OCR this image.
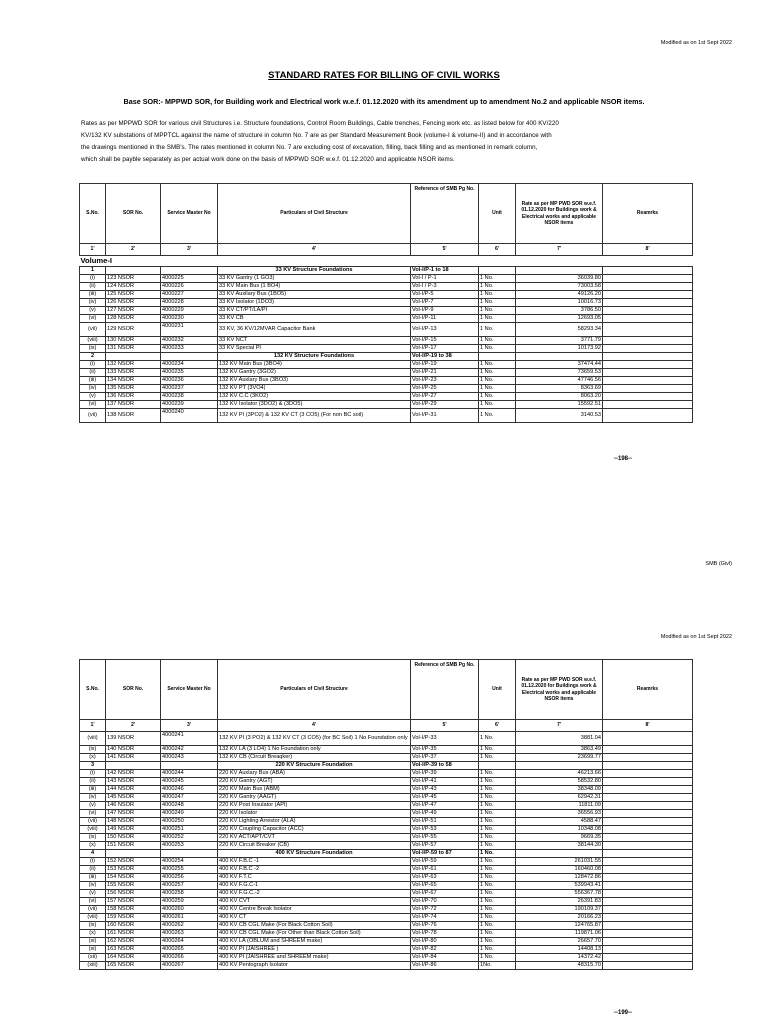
Modified as on 1st Sept 2022
STANDARD RATES FOR BILLING OF CIVIL WORKS
Base SOR:- MPPWD SOR, for Building work and Electrical work w.e.f. 01.12.2020 with its amendment up to amendment No.2 and applicable NSOR items.
Rates as per MPPWD SOR for various civil Structures i.e. Structure foundations, Control Room Buildings, Cable trenches, Fencing work etc. as listed below for 400 KV/220
KV/132 KV substations of MPPTCL against the name of structure in column No. 7 are as per Standard Measurement Book (volume-I & volume-II) and in accordance with
the drawings mentioned in the SMB's. The rates mentioned in column No. 7 are excluding cost of excavation, filling, back filling and as mentioned in remark column,
which shall be payble separately as per actual work done on the basis of MPPWD SOR w.e.f. 01.12.2020 and applicable NSOR items.
S.No.	SOR No.	Service Master No	Particulars of Civil Structure	Reference of SMB Pg No.	Unit	Rate as per MP PWD SOR w.e.f. 01.12.2020 for Buildings work & Electrical works and applicable NSOR items	Reamrks
1'	2'	3'	4'	5'	6'	7'	8'
Volume-I							
1			33 KV Structure Foundations	Vol-I/P-1 to 18			
(i)	123 NSOR	4000225	33 KV Gantry (1 GO3)	Vol-I / P-1	1 No.	36039.80	
(ii)	124 NSOR	4000226	33 KV Main Bus (1 BO4)	Vol-I / P-3	1 No.	73003.58	
(iii)	125 NSOR	4000227	33 KV Auxilary Bus (1BO5)	Vol-I/P-5	1 No.	49126.20	
(iv)	126 NSOR	4000228	33 KV Isolator (1DO3)	Vol-I/P-7	1 No.	10016.73	
(v)	127 NSOR	4000229	33 KV CT/PT/LA/PI	Vol-I/P-9	1 No.	3786.50	
(vi)	128 NSOR	4000230	33 KV CB	Vol-I/P-11	1 No.	12693.05	
(vii)	129 NSOR	4000231	33 KV, 36 KV/12MVAR Capacitor Bank	Vol-I/P-13	1 No.	58293.34	
(viii)	130 NSOR	4000232	33 KV NCT	Vol-I/P-15	1 No.	3771.79	
(ix)	131 NSOR	4000233	33 KV Special PI	Vol-I/P-17	1 No.	10173.92	
2			132 KV Structure Foundations	Vol-I/P-19 to 38			
(i)	132 NSOR	4000234	132 KV Main Bus (3BO4)	Vol-I/P-19	1 No.	37474.44	
(ii)	133 NSOR	4000235	132 KV Gantry (3GO2)	Vol-I/P-21	1 No.	73659.53	
(iii)	134 NSOR	4000236	132 KV Auxlary Bus (3BO3)	Vol-I/P-23	1 No.	47746.56	
(iv)	135 NSOR	4000237	132 KV PT (3VO4)	Vol-I/P-25	1 No.	8363.69	
(v)	136 NSOR	4000238	132 KV C.C (3KO2)	Vol-I/P-27	1 No.	8063.20	
(vi)	137 NSOR	4000239	132 KV Isolator (3DO2) & (3DO5)	Vol-I/P-29	1 No.	15592.51	
(vii)	138 NSOR	4000240	132 KV PI (3PO2) & 132 KV CT (3 CO5) (For non BC soil)	Vol-I/P-31	1 No.	3140.53	
--198--
SMB (Givl)
Modified as on 1st Sept 2022
S.No.	SOR No.	Service Master No	Particulars of Civil Structure	Reference of SMB Pg No.	Unit	Rate as per MP PWD SOR w.e.f. 01.12.2020 for Buildings work & Electrical works and applicable NSOR items	Reamrks
1'	2'	3'	4'	5'	6'	7'	8'
(viii)	139 NSOR	4000241	132 KV PI (3 PO2) & 132 KV CT (3 CO5) (for BC Soil) 1 No Foundation only	Vol-I/P-33	1 No.	3881.04	
(ix)	140 NSOR	4000242	132 KV LA (3 LO4) 1 No Foundation only	Vol-I/P-35	1 No.	3863.49	
(x)	141 NSOR	4000243	132 KV CB (Circuit Breaqker)	Vol-I/P-37	1 No.	23699.77	
3			220 KV Structure Foundation	Vol-I/P-39 to 58			
(i)	142 NSOR	4000244	220 KV Auxlary Bus (ABA)	Vol-I/P-39	1 No.	46213.66	
(ii)	143 NSOR	4000245	220 KV Gantry (AGT)	Vol-I/P-41	1 No.	58532.80	
(iii)	144 NSOR	4000246	220 KV Main Bus (ABM)	Vol-I/P-43	1 No.	38348.09	
(iv)	145 NSOR	4000247	220 KV Gantry (AAGT)	Vol-I/P-45	1 No.	62942.31	
(v)	146 NSOR	4000248	220 KV Post Insulator (API)	Vol-I/P-47	1 No.	11811.09	
(vi)	147 NSOR	4000249	220 KV Isolator	Vol-I/P-49	1 No.	36556.93	
(vii)	148 NSOR	4000250	220 KV Lighting Arrestor (ALA)	Vol-I/P-51	1 No.	4588.47	
(viii)	149 NSOR	4000251	220 KV Coupling Capacitor (ACC)	Vol-I/P-53	1 No.	10348.08	
(ix)	150 NSOR	4000252	220 KV ACT/APT/CVT	Vol-I/P-55	1 No.	9669.35	
(x)	151 NSOR	4000253	220 KV Circuit Breaker (CB)	Vol-I/P-57	1 No.	38144.30	
4			400 KV Structure Foundation	Vol-I/P-59 to 87	1 No.		
(i)	152 NSOR	4000254	400 KV F.B.C -1	Vol-I/P-59	1 No.	261031.55	
(ii)	153 NSOR	4000255	400 KV F.B.C -2	Vol-I/P-61	1 No.	160460.08	
(iii)	154 NSOR	4000256	400 KV F.T.C	Vol-I/P-63	1 No.	128472.86	
(iv)	155 NSOR	4000257	400 KV F.G.C-1	Vol-I/P-65	1 No.	539943.41	
(v)	156 NSOR	4000258	400 KV F.G.C.-2	Vol-I/P-67	1 No.	556367.78	
(vi)	157 NSOR	4000259	400 KV CVT	Vol-I/P-70	1 No.	26391.83	
(vii)	158 NSOR	4000260	400 KV Centre Break Isolator	Vol-I/P-72	1 No.	190109.37	
(viii)	159 NSOR	4000261	400 KV CT	Vol-I/P-74	1 No.	20166.23	
(ix)	160 NSOR	4000262	400 KV CB CGL Make (For Black Cotton Soil)	Vol-I/P-76	1 No.	124765.87	
(x)	161 NSOR	4000263	400 KV CB CGL Make (For Other than Black Cotton Soil)	Vol-I/P-78	1 No.	119871.06	
(xi)	162 NSOR	4000264	400 KV LA (OBLUM and SHREEM make)	Vol-I/P-80	1 No.	26657.70	
(xi)	163 NSOR	4000265	400 KV PI (JAISHREE )	Vol-I/P-82	1 No.	14408.13	
(xii)	164 NSOR	4000266	400 KV PI (JAISHREE and SHREEM make)	Vol-I/P-84	1 No.	14372.42	
(xiii)	165 NSOR	4000267	400 KV Pentograph Isolator	Vol-I/P-86	1No.	48315.70	
--199--
